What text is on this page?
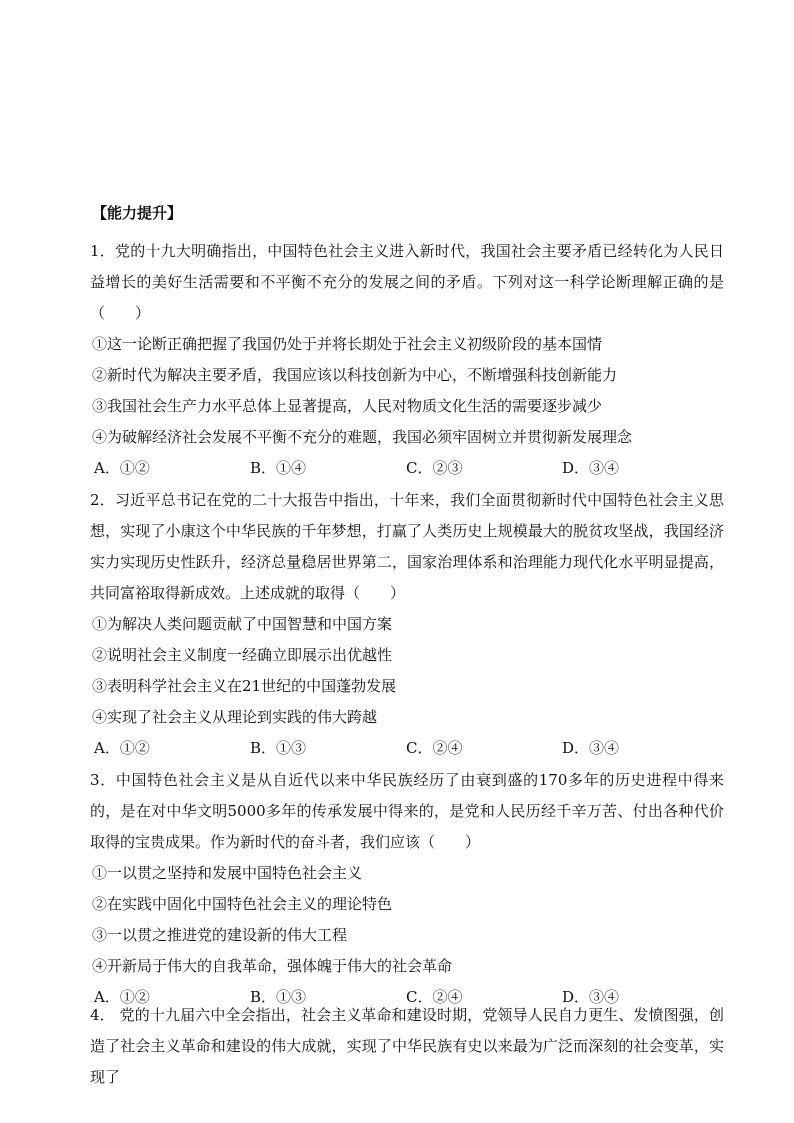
【能力提升】

1．党的十九大明确指出，中国特色社会主义进入新时代，我国社会主要矛盾已经转化为人民日益增长的美好生活需要和不平衡不充分的发展之间的矛盾。下列对这一科学论断理解正确的是（　　）

①这一论断正确把握了我国仍处于并将长期处于社会主义初级阶段的基本国情

②新时代为解决主要矛盾，我国应该以科技创新为中心，不断增强科技创新能力

③我国社会生产力水平总体上显著提高，人民对物质文化生活的需要逐步减少

④为破解经济社会发展不平衡不充分的难题，我国必须牢固树立并贯彻新发展理念

A．①②	B．①④	C．②③	D．③④

2．习近平总书记在党的二十大报告中指出，十年来，我们全面贯彻新时代中国特色社会主义思想，实现了小康这个中华民族的千年梦想，打赢了人类历史上规模最大的脱贫攻坚战，我国经济实力实现历史性跃升，经济总量稳居世界第二，国家治理体系和治理能力现代化水平明显提高，共同富裕取得新成效。上述成就的取得（　　）

①为解决人类问题贡献了中国智慧和中国方案

②说明社会主义制度一经确立即展示出优越性

③表明科学社会主义在21世纪的中国蓬勃发展

④实现了社会主义从理论到实践的伟大跨越

A．①②	B．①③	C．②④	D．③④

3．中国特色社会主义是从自近代以来中华民族经历了由衰到盛的170多年的历史进程中得来的，是在对中华文明5000多年的传承发展中得来的，是党和人民历经千辛万苦、付出各种代价取得的宝贵成果。作为新时代的奋斗者，我们应该（　　）

①一以贯之坚持和发展中国特色社会主义

②在实践中固化中国特色社会主义的理论特色

③一以贯之推进党的建设新的伟大工程

④开新局于伟大的自我革命，强体魄于伟大的社会革命

A．①②	B．①③	C．②④	D．③④

4． 党的十九届六中全会指出，社会主义革命和建设时期，党领导人民自力更生、发愤图强，创造了社会主义革命和建设的伟大成就，实现了中华民族有史以来最为广泛而深刻的社会变革，实现了
